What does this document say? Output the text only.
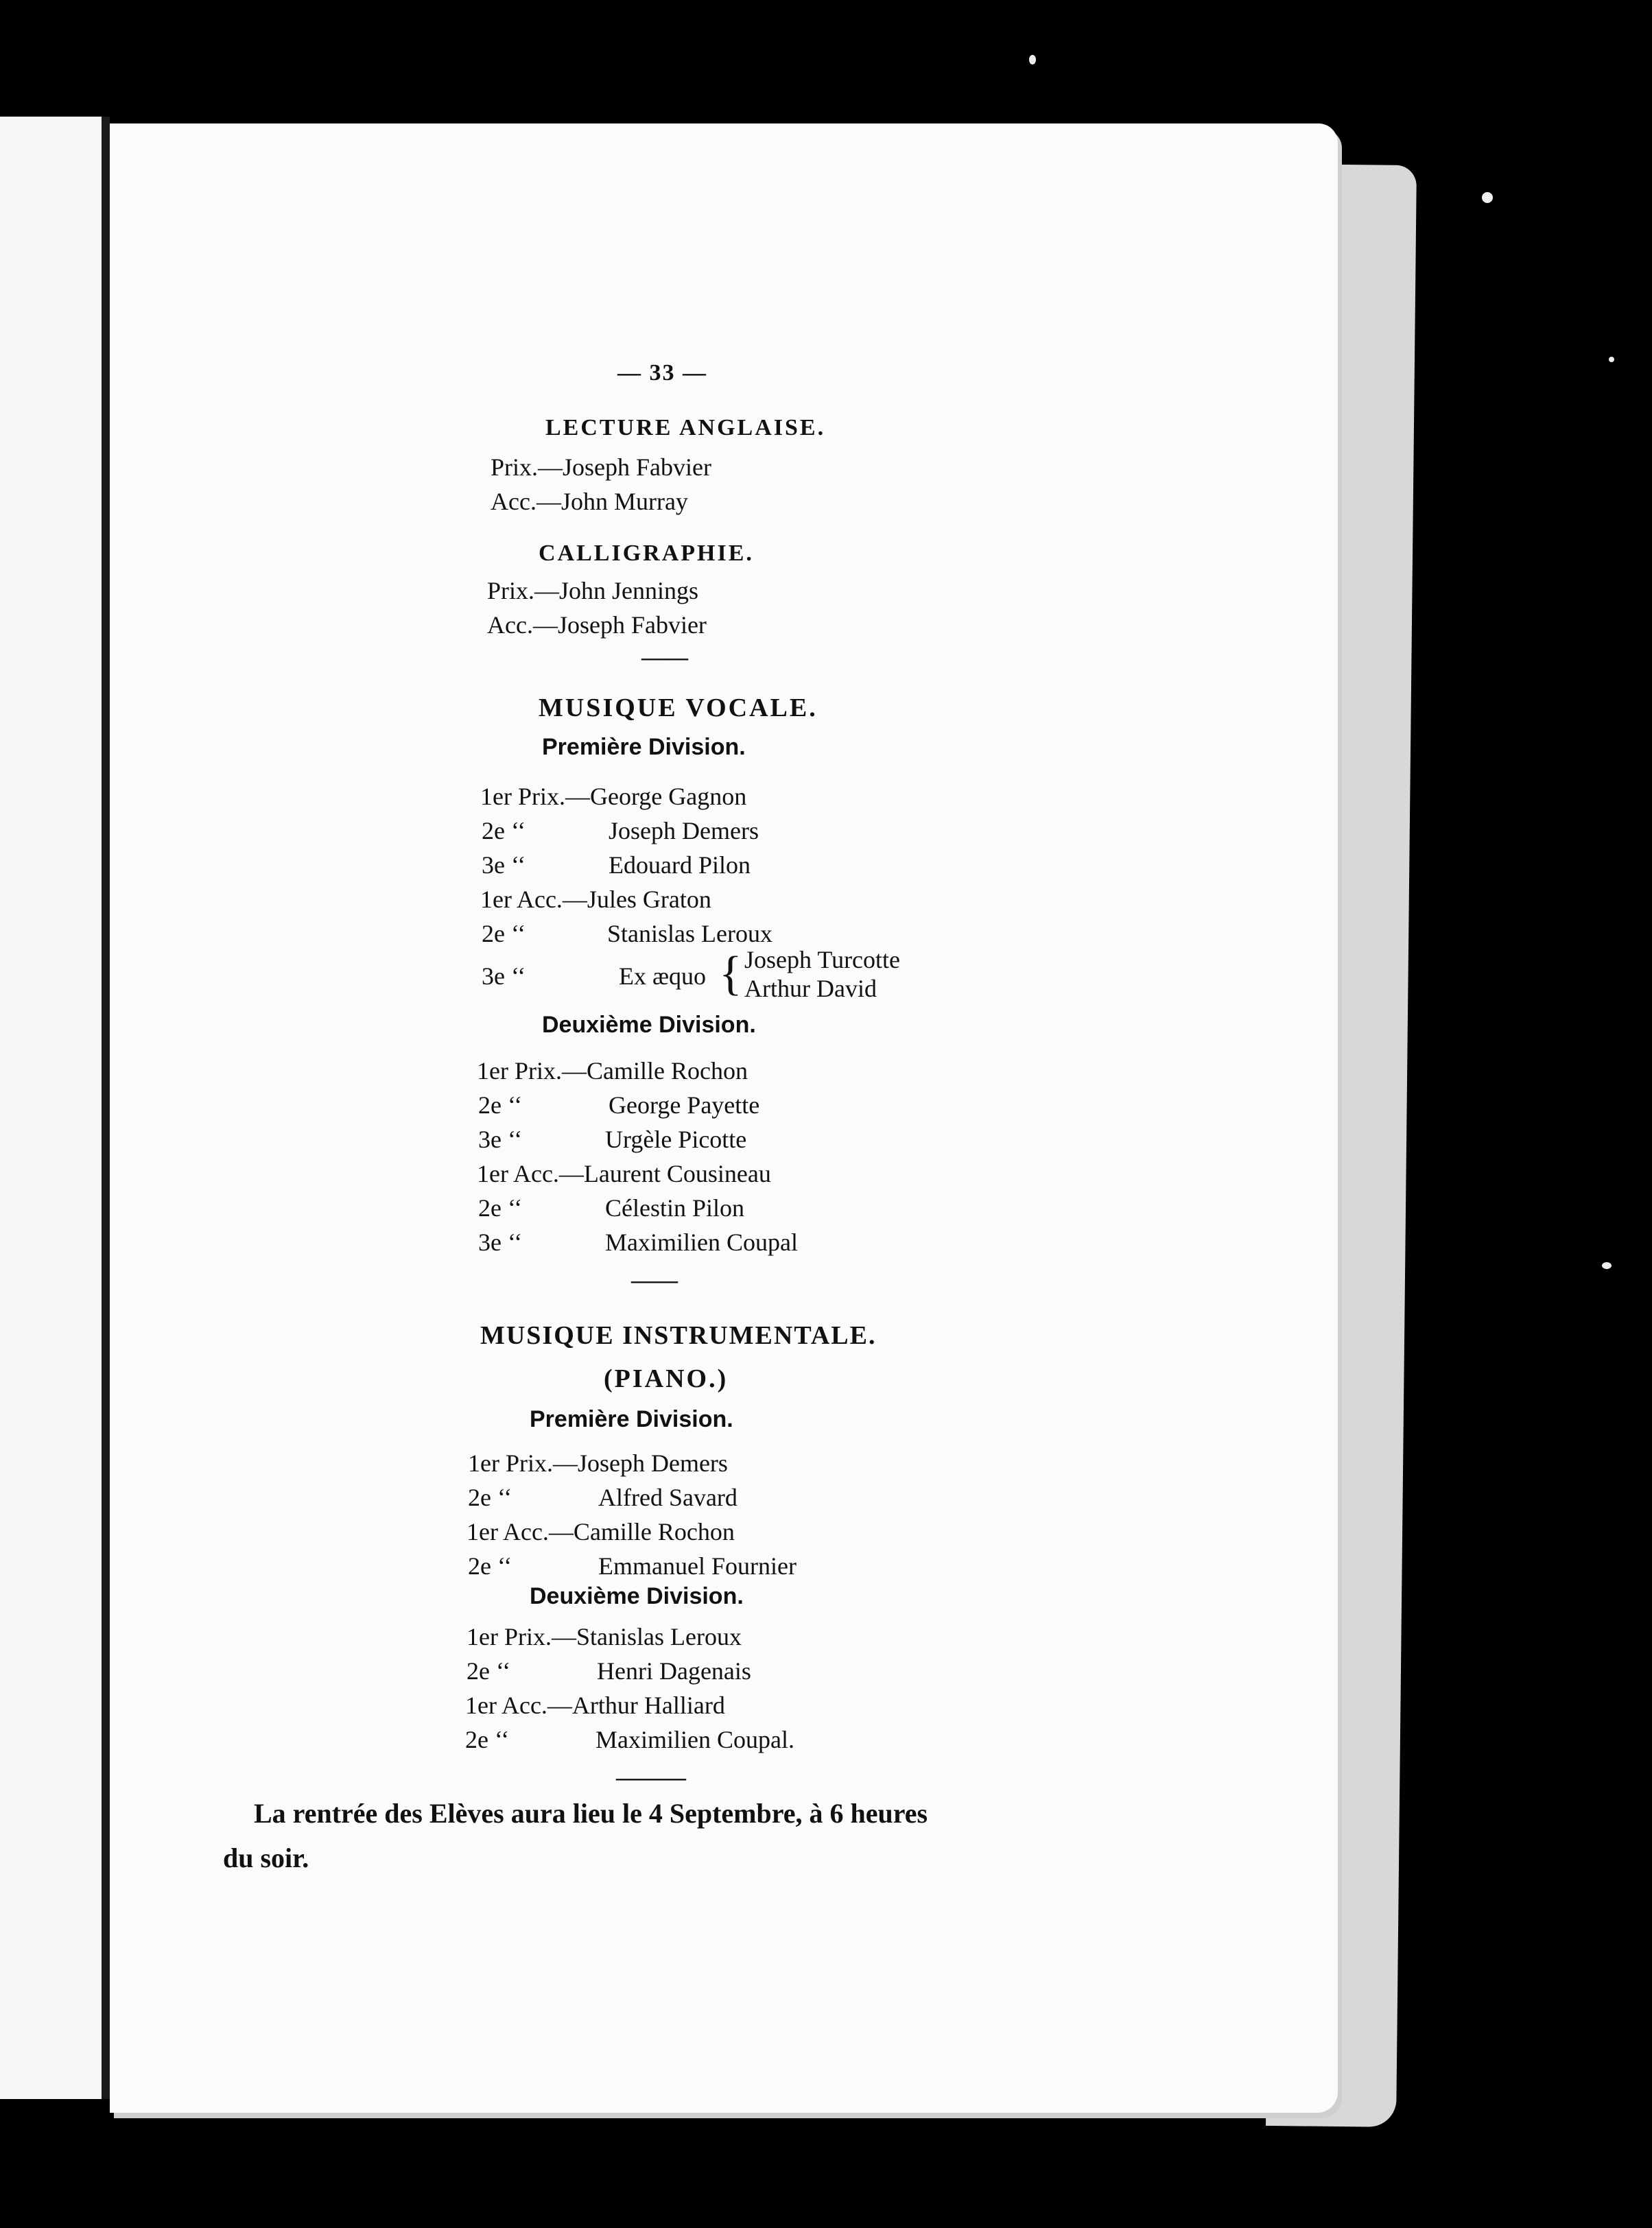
— 33 —
LECTURE ANGLAISE.
Prix.—Joseph Fabvier
Acc.—John Murray
CALLIGRAPHIE.
Prix.—John Jennings
Acc.—Joseph Fabvier
——
MUSIQUE VOCALE.
Première Division.
1er Prix.—George Gagnon
2e ‘‘	Joseph Demers
3e ‘‘	Edouard Pilon
1er Acc.—Jules Graton
2e ‘‘	Stanislas Leroux
3e ‘‘	Ex æquo { Joseph Turcotte
Arthur David
Deuxième Division.
1er Prix.—Camille Rochon
2e ‘‘	George Payette
3e ‘‘	Urgèle Picotte
1er Acc.—Laurent Cousineau
2e ‘‘	Célestin Pilon
3e ‘‘	Maximilien Coupal
——
MUSIQUE INSTRUMENTALE.
(PIANO.)
Première Division.
1er Prix.—Joseph Demers
2e ‘‘	Alfred Savard
1er Acc.—Camille Rochon
2e ‘‘	Emmanuel Fournier
Deuxième Division.
1er Prix.—Stanislas Leroux
2e ‘‘	Henri Dagenais
1er Acc.—Arthur Halliard
2e ‘‘	Maximilien Coupal.
———
La rentrée des Elèves aura lieu le 4 Septembre, à 6 heures
du soir.
